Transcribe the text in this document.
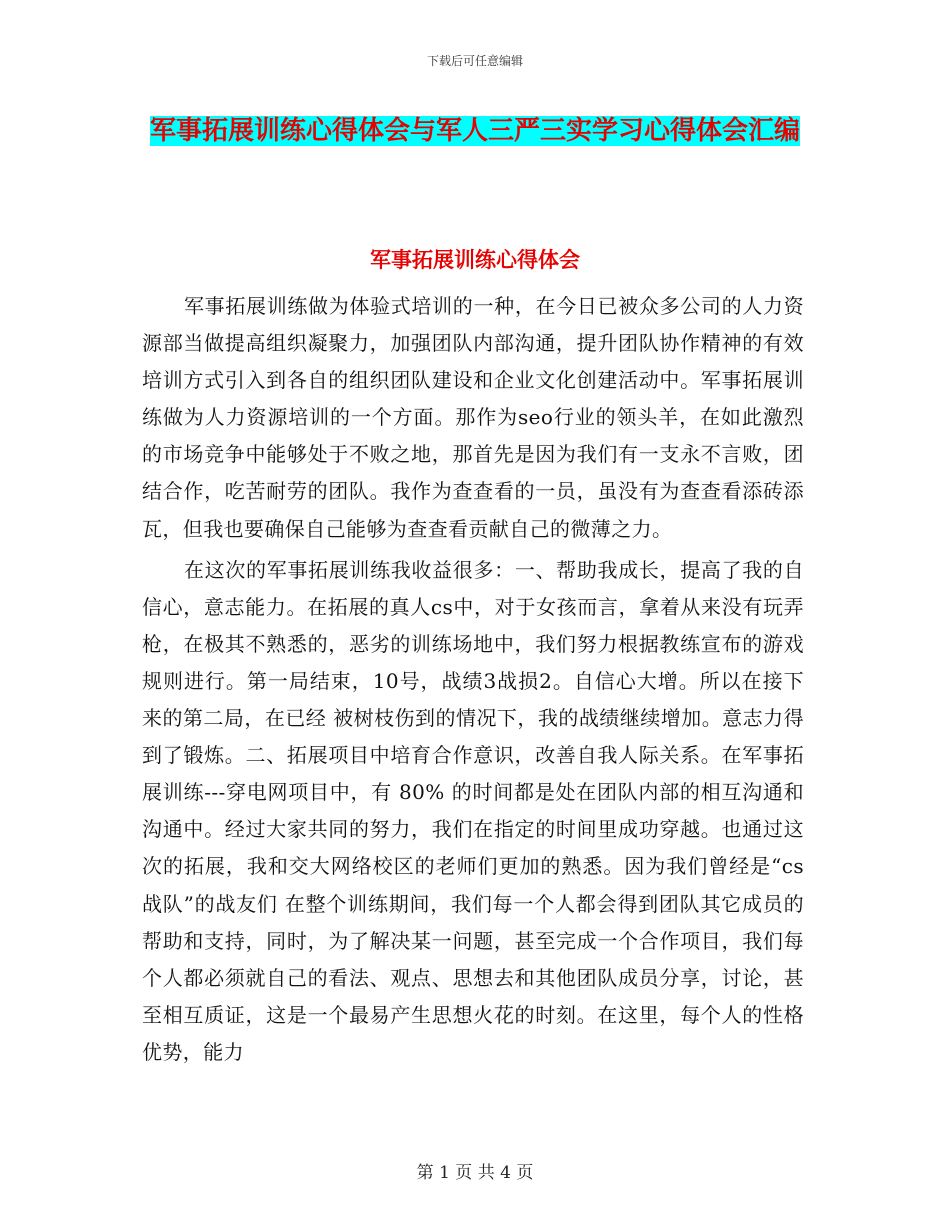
下载后可任意编辑
军事拓展训练心得体会与军人三严三实学习心得体会汇编
军事拓展训练心得体会

军事拓展训练做为体验式培训的一种，在今日已被众多公司的人力资源部当做提高组织凝聚力，加强团队内部沟通，提升团队协作精神的有效培训方式引入到各自的组织团队建设和企业文化创建活动中。军事拓展训练做为人力资源培训的一个方面。那作为seo行业的领头羊，在如此激烈的市场竞争中能够处于不败之地，那首先是因为我们有一支永不言败，团结合作，吃苦耐劳的团队。我作为查查看的一员，虽没有为查查看添砖添瓦，但我也要确保自己能够为查查看贡献自己的微薄之力。

在这次的军事拓展训练我收益很多：一、帮助我成长，提高了我的自信心，意志能力。在拓展的真人cs中，对于女孩而言，拿着从来没有玩弄枪，在极其不熟悉的，恶劣的训练场地中，我们努力根据教练宣布的游戏规则进行。第一局结束，10号，战绩3战损2。自信心大增。所以在接下来的第二局，在已经 被树枝伤到的情况下，我的战绩继续增加。意志力得到了锻炼。二、拓展项目中培育合作意识，改善自我人际关系。在军事拓展训练---穿电网项目中，有 80% 的时间都是处在团队内部的相互沟通和沟通中。经过大家共同的努力，我们在指定的时间里成功穿越。也通过这次的拓展，我和交大网络校区的老师们更加的熟悉。因为我们曾经是“cs战队”的战友们 在整个训练期间，我们每一个人都会得到团队其它成员的帮助和支持，同时，为了解决某一问题，甚至完成一个合作项目，我们每个人都必须就自己的看法、观点、思想去和其他团队成员分享，讨论，甚至相互质证，这是一个最易产生思想火花的时刻。在这里，每个人的性格优势，能力

第 1 页 共 4 页
